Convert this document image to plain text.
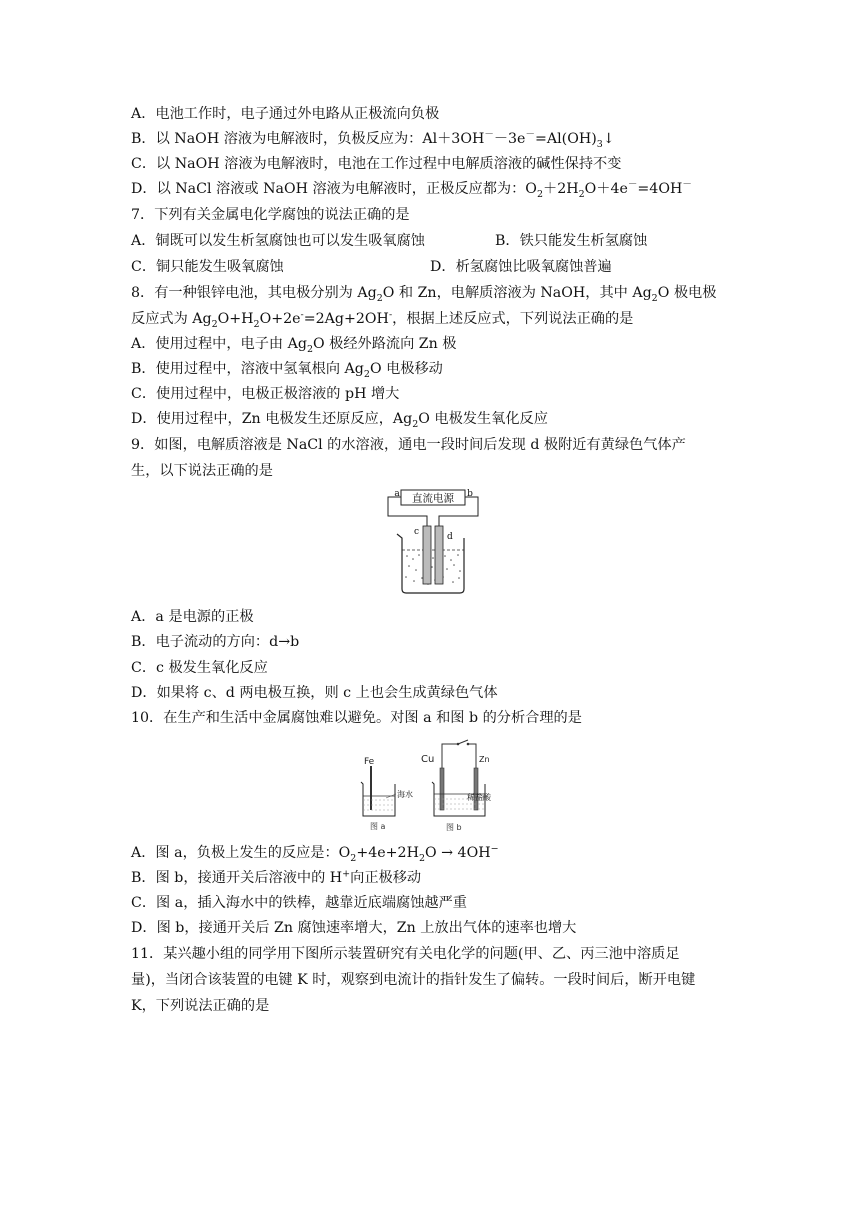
A．电池工作时，电子通过外电路从正极流向负极
B．以 NaOH 溶液为电解液时，负极反应为：$Al+3OH^--3e^-=Al(OH)_3↓$
C．以 NaOH 溶液为电解液时，电池在工作过程中电解质溶液的碱性保持不变
D．以 NaCl 溶液或 NaOH 溶液为电解液时，正极反应都为：$O_2+2H_2O+4e^-=4OH^-$
7．下列有关金属电化学腐蚀的说法正确的是
A．铜既可以发生析氢腐蚀也可以发生吸氧腐蚀	B．铁只能发生析氢腐蚀
C．铜只能发生吸氧腐蚀	D．析氢腐蚀比吸氧腐蚀普遍
8．有一种银锌电池，其电极分别为 $Ag_2O$ 和 Zn，电解质溶液为 NaOH，其中 $Ag_2O$ 极电极
反应式为 $Ag_2O+H_2O+2e^-=2Ag+2OH^-$，根据上述反应式，下列说法正确的是
A．使用过程中，电子由 $Ag_2O$ 极经外路流向 Zn 极
B．使用过程中，溶液中氢氧根向 $Ag_2O$ 电极移动
C．使用过程中，电极正极溶液的 pH 增大
D．使用过程中，Zn 电极发生还原反应，$Ag_2O$ 电极发生氧化反应
9．如图，电解质溶液是 NaCl 的水溶液，通电一段时间后发现 d 极附近有黄绿色气体产
生，以下说法正确的是
直流电源
a	b
c	d
A．a 是电源的正极
B．电子流动的方向：d→b
C．c 极发生氧化反应
D．如果将 c、d 两电极互换，则 c 上也会生成黄绿色气体
10．在生产和生活中金属腐蚀难以避免。对图 a 和图 b 的分析合理的是
Fe
海水
图 a
Cu	Zn
稀盐酸
图 b
A．图 a，负极上发生的反应是：$O_2+4e+2H_2O \to 4OH^-$
B．图 b，接通开关后溶液中的 H+向正极移动
C．图 a，插入海水中的铁棒，越靠近底端腐蚀越严重
D．图 b，接通开关后 Zn 腐蚀速率增大，Zn 上放出气体的速率也增大
11．某兴趣小组的同学用下图所示装置研究有关电化学的问题(甲、乙、丙三池中溶质足
量)，当闭合该装置的电键 K 时，观察到电流计的指针发生了偏转。一段时间后，断开电键
K，下列说法正确的是
